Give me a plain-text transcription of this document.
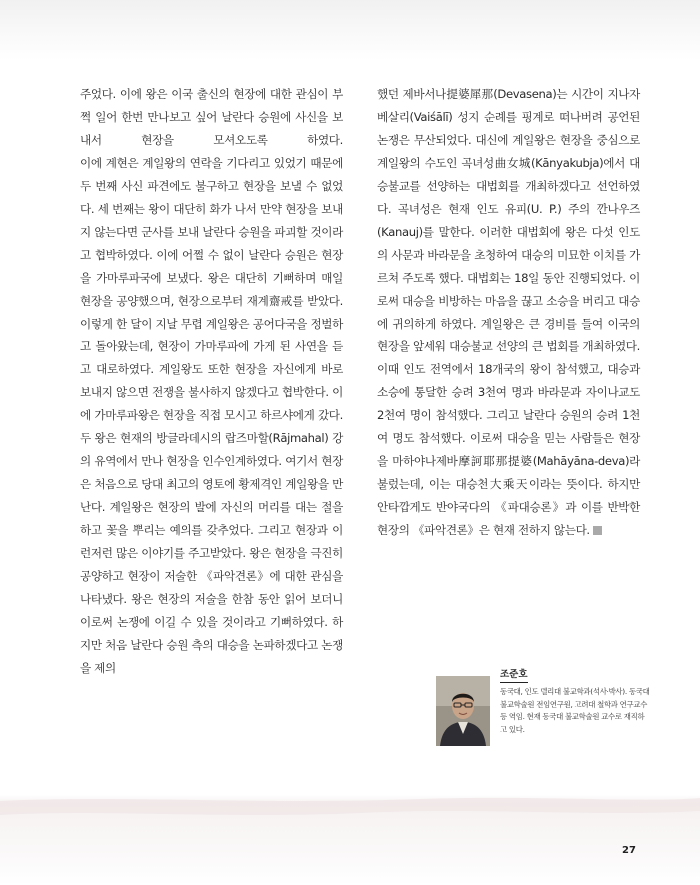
주었다. 이에 왕은 이국 출신의 현장에 대한 관심이 부쩍 일어 한번 만나보고 싶어 날란다 승원에 사신을 보내서 현장을 모셔오도록 하였다.

이에 계현은 계일왕의 연락을 기다리고 있었기 때문에 두 번째 사신 파견에도 불구하고 현장을 보낼 수 없었다. 세 번째는 왕이 대단히 화가 나서 만약 현장을 보내지 않는다면 군사를 보내 날란다 승원을 파괴할 것이라고 협박하였다. 이에 어쩔 수 없이 날란다 승원은 현장을 가마루파국에 보냈다. 왕은 대단히 기뻐하며 매일 현장을 공양했으며, 현장으로부터 재계齋戒를 받았다. 이렇게 한 달이 지날 무렵 계일왕은 공어다국을 정벌하고 돌아왔는데, 현장이 가마루파에 가게 된 사연을 듣고 대로하였다. 계일왕도 또한 현장을 자신에게 바로 보내지 않으면 전쟁을 불사하지 않겠다고 협박한다. 이에 가마루파왕은 현장을 직접 모시고 하르샤에게 갔다. 두 왕은 현재의 방글라데시의 랍즈마할(Rājmahal) 강의 유역에서 만나 현장을 인수인계하였다. 여기서 현장은 처음으로 당대 최고의 영토에 황제격인 계일왕을 만난다. 계일왕은 현장의 발에 자신의 머리를 대는 절을 하고 꽃을 뿌리는 예의를 갖추었다. 그리고 현장과 이런저런 많은 이야기를 주고받았다. 왕은 현장을 극진히 공양하고 현장이 저술한 《파악견론》에 대한 관심을 나타냈다. 왕은 현장의 저술을 한참 동안 읽어 보더니 이로써 논쟁에 이길 수 있을 것이라고 기뻐하였다. 하지만 처음 날란다 승원 측의 대승을 논파하겠다고 논쟁을 제의

했던 제바서나提婆犀那(Devasena)는 시간이 지나자 베살리(Vaiśālī) 성지 순례를 핑계로 떠나버려 공언된 논쟁은 무산되었다. 대신에 계일왕은 현장을 중심으로 계일왕의 수도인 곡녀성曲女城(Kānyakubja)에서 대승불교를 선양하는 대법회를 개최하겠다고 선언하였다. 곡녀성은 현재 인도 유피(U. P.) 주의 깐나우즈(Kanauj)를 말한다. 이러한 대법회에 왕은 다섯 인도의 사문과 바라문을 초청하여 대승의 미묘한 이치를 가르쳐 주도록 했다. 대법회는 18일 동안 진행되었다. 이로써 대승을 비방하는 마음을 끊고 소승을 버리고 대승에 귀의하게 하였다. 계일왕은 큰 경비를 들여 이국의 현장을 앞세워 대승불교 선양의 큰 법회를 개최하였다. 이때 인도 전역에서 18개국의 왕이 참석했고, 대승과 소승에 통달한 승려 3천여 명과 바라문과 자이나교도 2천여 명이 참석했다. 그리고 날란다 승원의 승려 1천여 명도 참석했다. 이로써 대승을 믿는 사람들은 현장을 마하야나제바摩訶耶那提婆(Mahāyāna-deva)라 불렀는데, 이는 대승천大乘天이라는 뜻이다. 하지만 안타깝게도 반야국다의 《파대승론》과 이를 반박한 현장의 《파악견론》은 현재 전하지 않는다.

조준호
동국대, 인도 델리대 불교학과(석사·박사). 동국대 불교학술원 전임연구원, 고려대 철학과 연구교수 등 역임. 현재 동국대 불교학술원 교수로 재직하고 있다.
27
